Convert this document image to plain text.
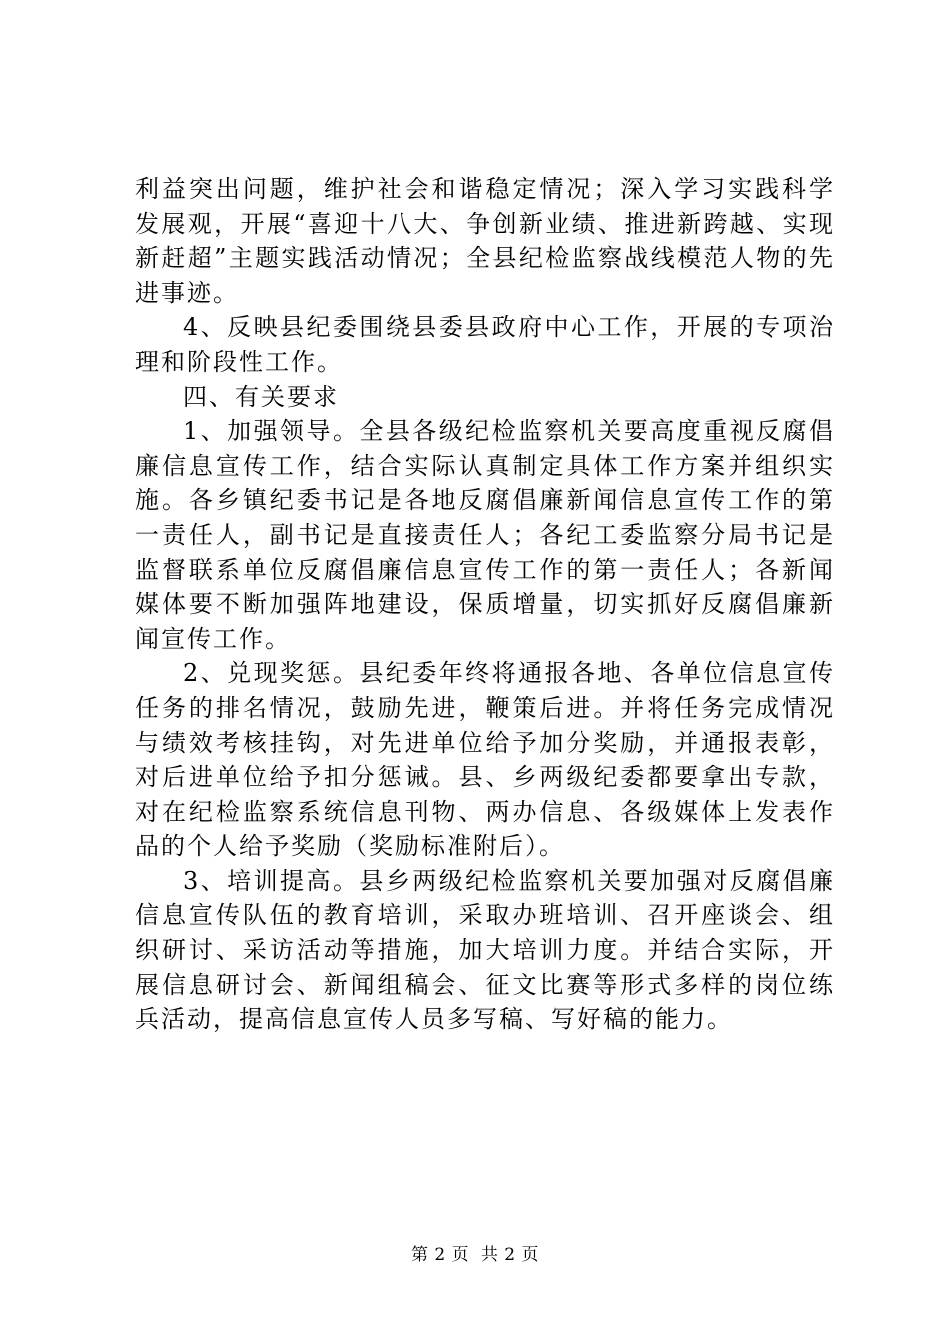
利益突出问题，维护社会和谐稳定情况；深入学习实践科学发展观，开展“喜迎十八大、争创新业绩、推进新跨越、实现新赶超”主题实践活动情况；全县纪检监察战线模范人物的先进事迹。

4、反映县纪委围绕县委县政府中心工作，开展的专项治理和阶段性工作。

四、有关要求

1、加强领导。全县各级纪检监察机关要高度重视反腐倡廉信息宣传工作，结合实际认真制定具体工作方案并组织实施。各乡镇纪委书记是各地反腐倡廉新闻信息宣传工作的第一责任人，副书记是直接责任人；各纪工委监察分局书记是监督联系单位反腐倡廉信息宣传工作的第一责任人；各新闻媒体要不断加强阵地建设，保质增量，切实抓好反腐倡廉新闻宣传工作。

2、兑现奖惩。县纪委年终将通报各地、各单位信息宣传任务的排名情况，鼓励先进，鞭策后进。并将任务完成情况与绩效考核挂钩，对先进单位给予加分奖励，并通报表彰，对后进单位给予扣分惩诫。县、乡两级纪委都要拿出专款，对在纪检监察系统信息刊物、两办信息、各级媒体上发表作品的个人给予奖励（奖励标准附后）。

3、培训提高。县乡两级纪检监察机关要加强对反腐倡廉信息宣传队伍的教育培训，采取办班培训、召开座谈会、组织研讨、采访活动等措施，加大培训力度。并结合实际，开展信息研讨会、新闻组稿会、征文比赛等形式多样的岗位练兵活动，提高信息宣传人员多写稿、写好稿的能力。

第 2 页  共 2 页
